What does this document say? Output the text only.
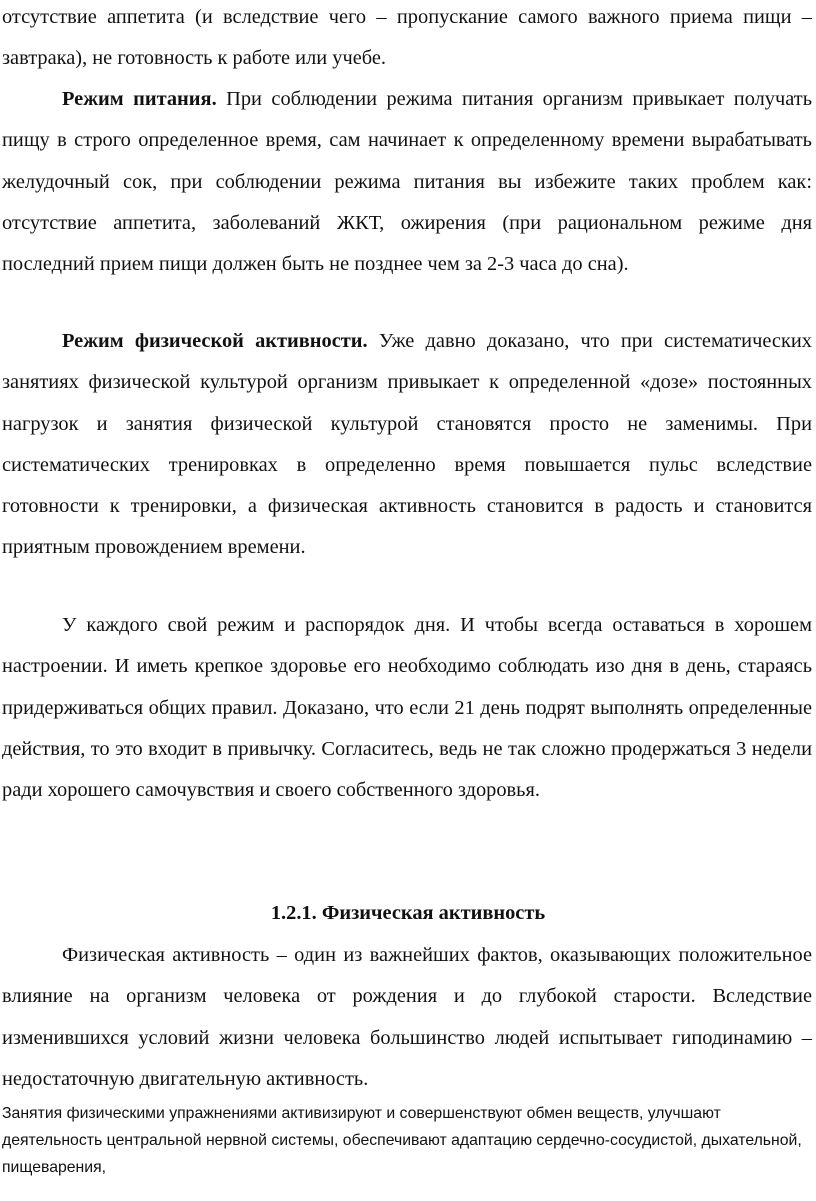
отсутствие аппетита (и вследствие чего – пропускание самого важного приема пищи – завтрака), не готовность к работе или учебе.

Режим питания. При соблюдении режима питания организм привыкает получать пищу в строго определенное время, сам начинает к определенному времени вырабатывать желудочный сок, при соблюдении режима питания вы избежите таких проблем как: отсутствие аппетита, заболеваний ЖКТ, ожирения (при рациональном режиме дня последний прием пищи должен быть не позднее чем за 2-3 часа до сна).

Режим физической активности. Уже давно доказано, что при систематических занятиях физической культурой организм привыкает к определенной «дозе» постоянных нагрузок и занятия физической культурой становятся просто не заменимы. При систематических тренировках в определенно время повышается пульс вследствие готовности к тренировки, а физическая активность становится в радость и становится приятным провождением времени.

У каждого свой режим и распорядок дня. И чтобы всегда оставаться в хорошем настроении. И иметь крепкое здоровье его необходимо соблюдать изо дня в день, стараясь придерживаться общих правил. Доказано, что если 21 день подрят выполнять определенные действия, то это входит в привычку. Согласитесь, ведь не так сложно продержаться 3 недели ради хорошего самочувствия и своего собственного здоровья.

1.2.1. Физическая активность

Физическая активность – один из важнейших фактов, оказывающих положительное влияние на организм человека от рождения и до глубокой старости. Вследствие изменившихся условий жизни человека большинство людей испытывает гиподинамию – недостаточную двигательную активность.

Занятия физическими упражнениями активизируют и совершенствуют обмен веществ, улучшают деятельность центральной нервной системы, обеспечивают адаптацию сердечно-сосудистой, дыхательной, пищеварения,
